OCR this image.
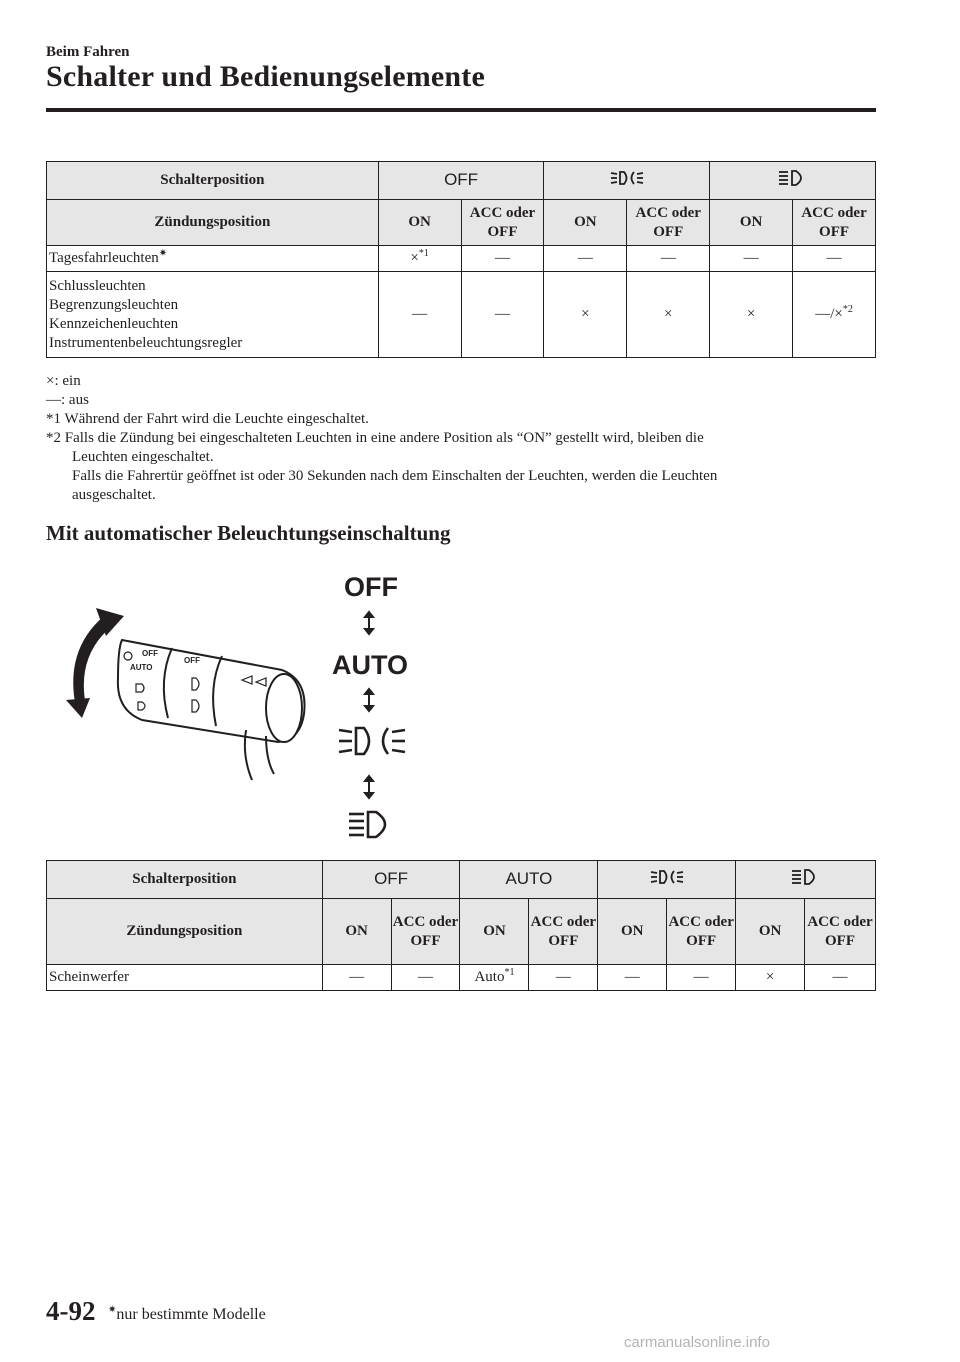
Beim Fahren
Schalter und Bedienungselemente
Schalterposition	OFF		
Zündungsposition	ON	ACC oder OFF	ON	ACC oder OFF	ON	ACC oder OFF
Tagesfahrleuchten✷	×$^{*1}$	—	—	—	—	—

Schlussleuchten
Begrenzungsleuchten
Kennzeichenleuchten
Instrumentenbeleuchtungsregler	—	—	×	×	×	—/×$^{*2}$
×: ein
—: aus
*1 Während der Fahrt wird die Leuchte eingeschaltet.
*2 Falls die Zündung bei eingeschalteten Leuchten in eine andere Position als “ON” gestellt wird, bleiben die
Leuchten eingeschaltet.
Falls die Fahrertür geöffnet ist oder 30 Sekunden nach dem Einschalten der Leuchten, werden die Leuchten
ausgeschaltet.
Mit automatischer Beleuchtungseinschaltung
OFF
AUTO
OFF
AUTO
OFF
Schalterposition	OFF		AUTO		
Zündungsposition	ON	ACC oder OFF	ON	ACC oder OFF	ON	ACC oder OFF	ON	ACC oder OFF
Scheinwerfer	—	—	Auto$^{*1}$	—	—	—	×	—
4-92 ✷nur bestimmte Modelle
carmanualsonline.info
